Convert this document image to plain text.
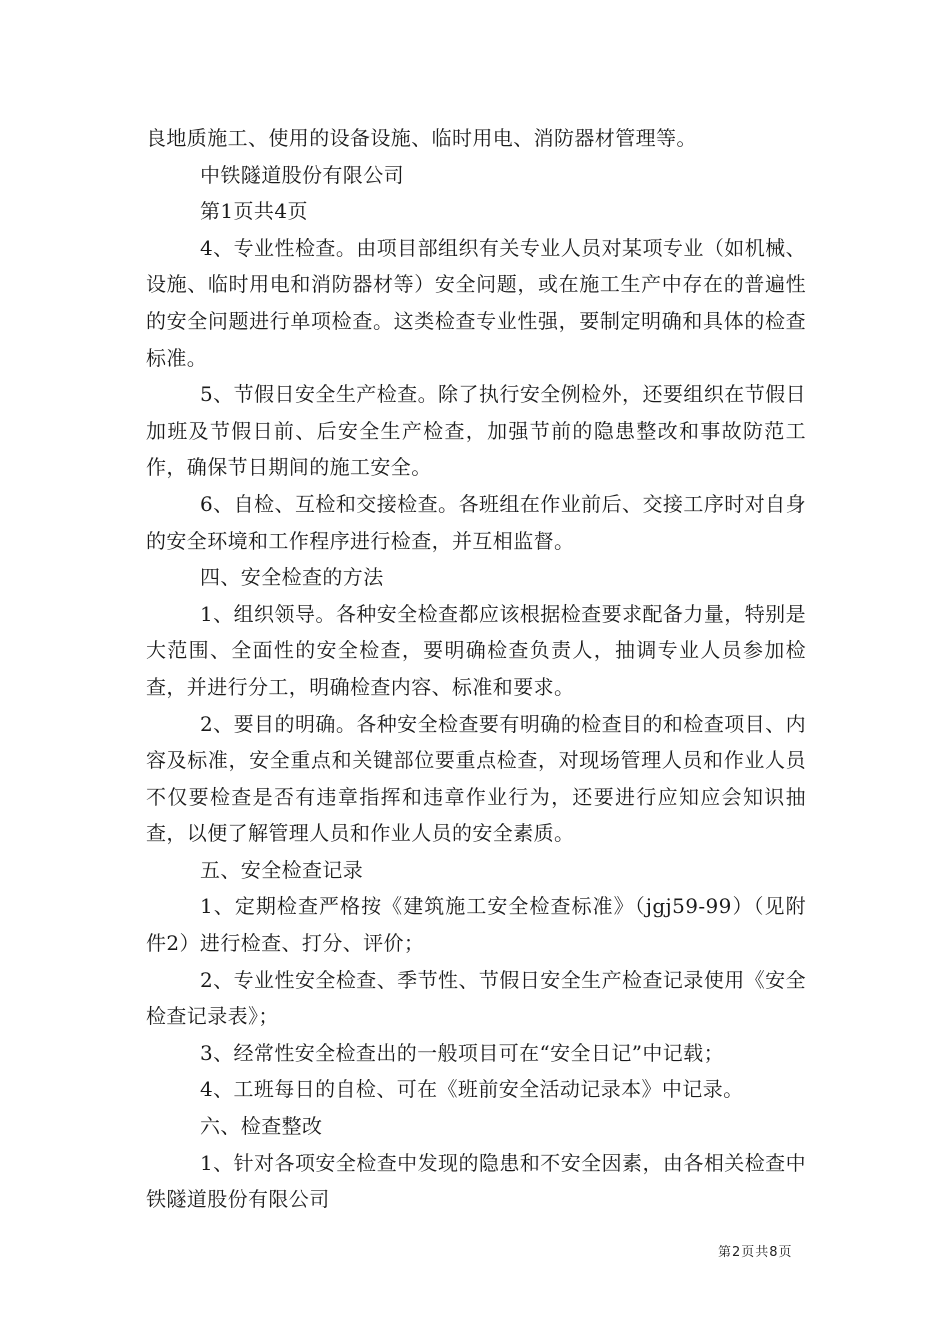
良地质施工、使用的设备设施、临时用电、消防器材管理等。
中铁隧道股份有限公司
第1页共4页
4、专业性检查。由项目部组织有关专业人员对某项专业（如机械、设施、临时用电和消防器材等）安全问题，或在施工生产中存在的普遍性的安全问题进行单项检查。这类检查专业性强，要制定明确和具体的检查标准。
5、节假日安全生产检查。除了执行安全例检外，还要组织在节假日加班及节假日前、后安全生产检查，加强节前的隐患整改和事故防范工作，确保节日期间的施工安全。
6、自检、互检和交接检查。各班组在作业前后、交接工序时对自身的安全环境和工作程序进行检查，并互相监督。
四、安全检查的方法
1、组织领导。各种安全检查都应该根据检查要求配备力量，特别是大范围、全面性的安全检查，要明确检查负责人，抽调专业人员参加检查，并进行分工，明确检查内容、标准和要求。
2、要目的明确。各种安全检查要有明确的检查目的和检查项目、内容及标准，安全重点和关键部位要重点检查，对现场管理人员和作业人员不仅要检查是否有违章指挥和违章作业行为，还要进行应知应会知识抽查，以便了解管理人员和作业人员的安全素质。
五、安全检查记录
1、定期检查严格按《建筑施工安全检查标准》（jgj59-99）（见附件2）进行检查、打分、评价；
2、专业性安全检查、季节性、节假日安全生产检查记录使用《安全检查记录表》；
3、经常性安全检查出的一般项目可在“安全日记”中记载；
4、工班每日的自检、可在《班前安全活动记录本》中记录。
六、检查整改
1、针对各项安全检查中发现的隐患和不安全因素，由各相关检查中铁隧道股份有限公司
第2页共8页
